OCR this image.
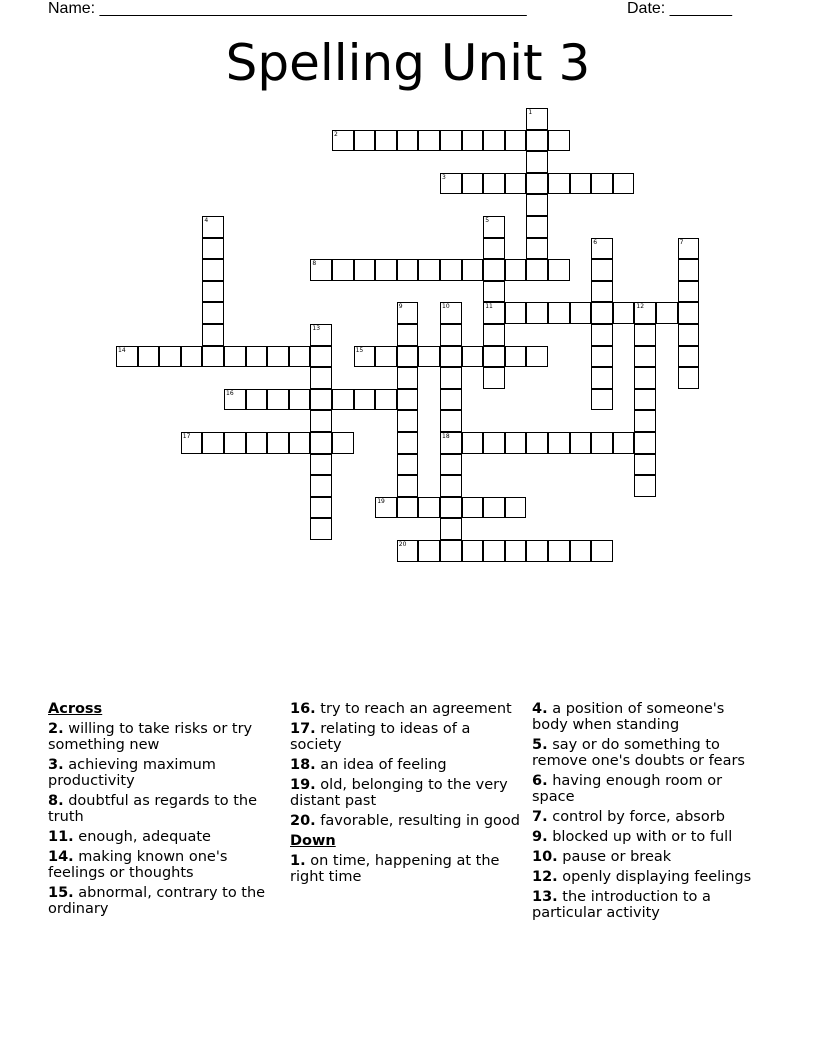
Name: ________________________________________________	Date: _______
Spelling Unit 3
1
2
3
4	5
11
6	7
8
9	10
18
12
13
14	15
16
17
19
20
Across
2. willing to take risks or try something new
3. achieving maximum productivity
8. doubtful as regards to the truth
11. enough, adequate
14. making known one's feelings or thoughts
15. abnormal, contrary to the ordinary
16. try to reach an agreement
17. relating to ideas of a society
18. an idea of feeling
19. old, belonging to the very distant past
20. favorable, resulting in good
Down
1. on time, happening at the right time
4. a position of someone's body when standing
5. say or do something to remove one's doubts or fears
6. having enough room or space
7. control by force, absorb
9. blocked up with or to full
10. pause or break
12. openly displaying feelings
13. the introduction to a particular activity
